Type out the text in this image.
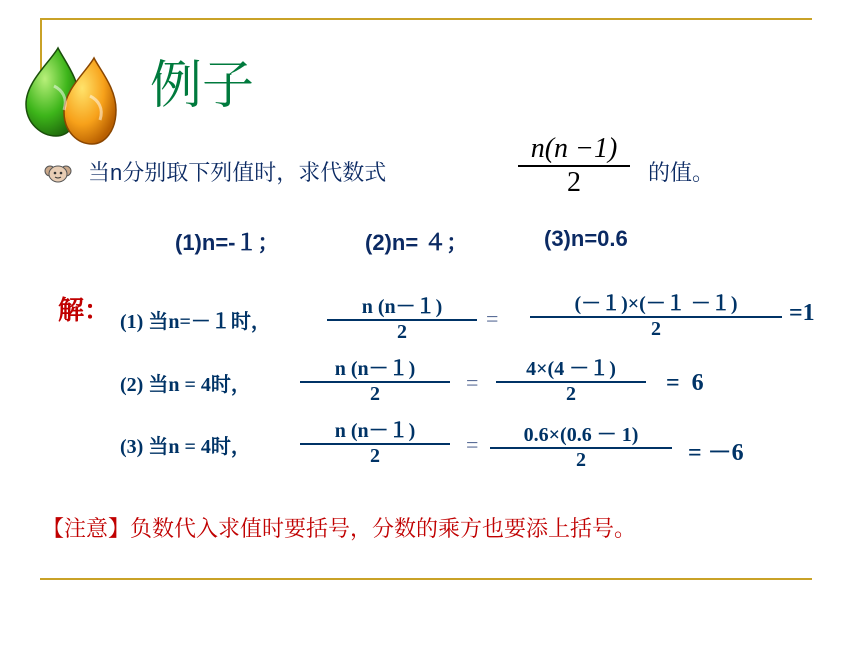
例子
当n分别取下列值时，求代数式
n(n −1)
2	的值。
(1)n=-１；	(2)n= ４；	(3)n=0.6
解： (1) 当n=－１时，
n (n－１)
2
=
(－１)×(－１ －１)
2
=1
(2) 当n = 4时，
n (n－１)
2	=
4×(4 －１)
2	=  6
(3) 当n = 4时，
n (n－１)
2	=	0.6×(0.6 － 1)
2	= －6
【注意】负数代入求值时要括号，分数的乘方也要添上括号。
